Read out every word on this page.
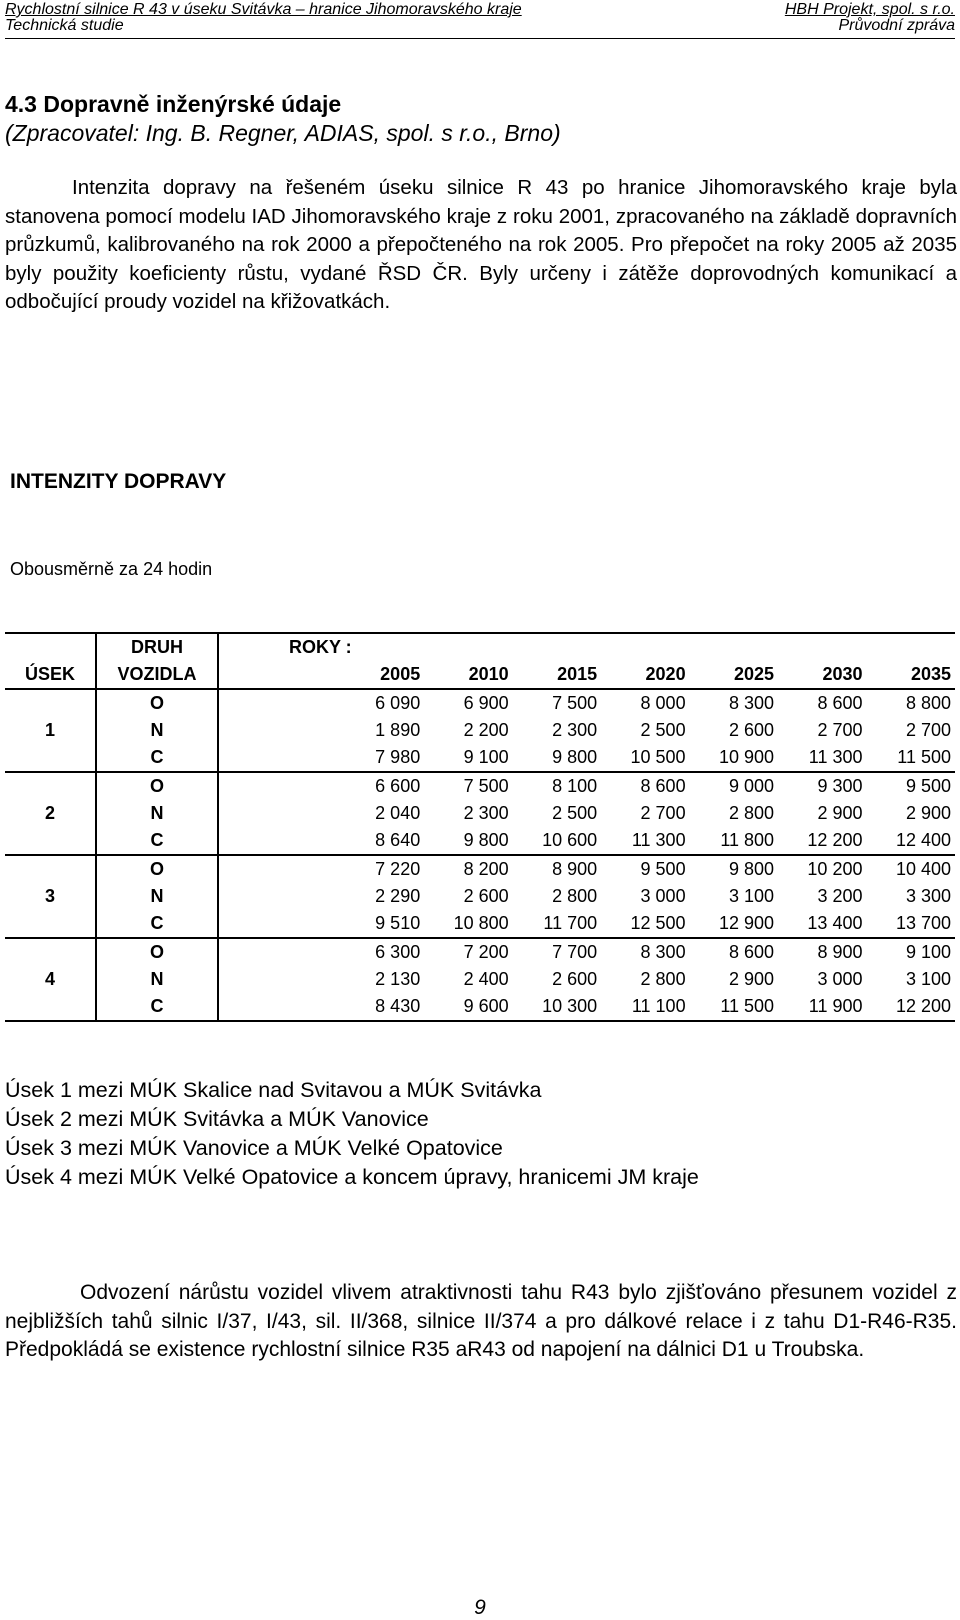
Rychlostní silnice R 43 v úseku Svitávka – hranice Jihomoravského kraje	HBH Projekt, spol. s r.o.
Technická studie	Průvodní zpráva
4.3 Dopravně inženýrské údaje

(Zpracovatel: Ing. B. Regner, ADIAS, spol. s r.o., Brno)

Intenzita dopravy na řešeném úseku silnice R 43 po hranice Jihomoravského kraje byla stanovena pomocí modelu IAD Jihomoravského kraje z roku 2001, zpracovaného na základě dopravních průzkumů, kalibrovaného na rok 2000 a přepočteného na rok 2005. Pro přepočet na roky 2005 až 2035 byly použity koeficienty růstu, vydané ŘSD ČR. Byly určeny i zátěže doprovodných komunikací a odbočující proudy vozidel na křižovatkách.

INTENZITY DOPRAVY

Obousměrně za 24 hodin

	DRUH	ROKY :						
ÚSEK	VOZIDLA	2005	2010	2015	2020	2025	2030	2035
	O	6 090	6 900	7 500	8 000	8 300	8 600	8 800
1	N	1 890	2 200	2 300	2 500	2 600	2 700	2 700
	C	7 980	9 100	9 800	10 500	10 900	11 300	11 500
	O	6 600	7 500	8 100	8 600	9 000	9 300	9 500
2	N	2 040	2 300	2 500	2 700	2 800	2 900	2 900
	C	8 640	9 800	10 600	11 300	11 800	12 200	12 400
	O	7 220	8 200	8 900	9 500	9 800	10 200	10 400
3	N	2 290	2 600	2 800	3 000	3 100	3 200	3 300
	C	9 510	10 800	11 700	12 500	12 900	13 400	13 700
	O	6 300	7 200	7 700	8 300	8 600	8 900	9 100
4	N	2 130	2 400	2 600	2 800	2 900	3 000	3 100
	C	8 430	9 600	10 300	11 100	11 500	11 900	12 200
Úsek 1 mezi MÚK Skalice nad Svitavou a MÚK Svitávka
Úsek 2 mezi MÚK Svitávka a MÚK Vanovice
Úsek 3 mezi MÚK Vanovice a MÚK Velké Opatovice
Úsek 4 mezi MÚK Velké Opatovice a koncem úpravy, hranicemi JM kraje

Odvození nárůstu vozidel vlivem atraktivnosti tahu R43 bylo zjišťováno přesunem vozidel z nejbližších tahů silnic I/37, I/43, sil. II/368, silnice II/374 a pro dálkové relace i z tahu D1-R46-R35. Předpokládá se existence rychlostní silnice R35 aR43 od napojení na dálnici D1 u Troubska.

9
